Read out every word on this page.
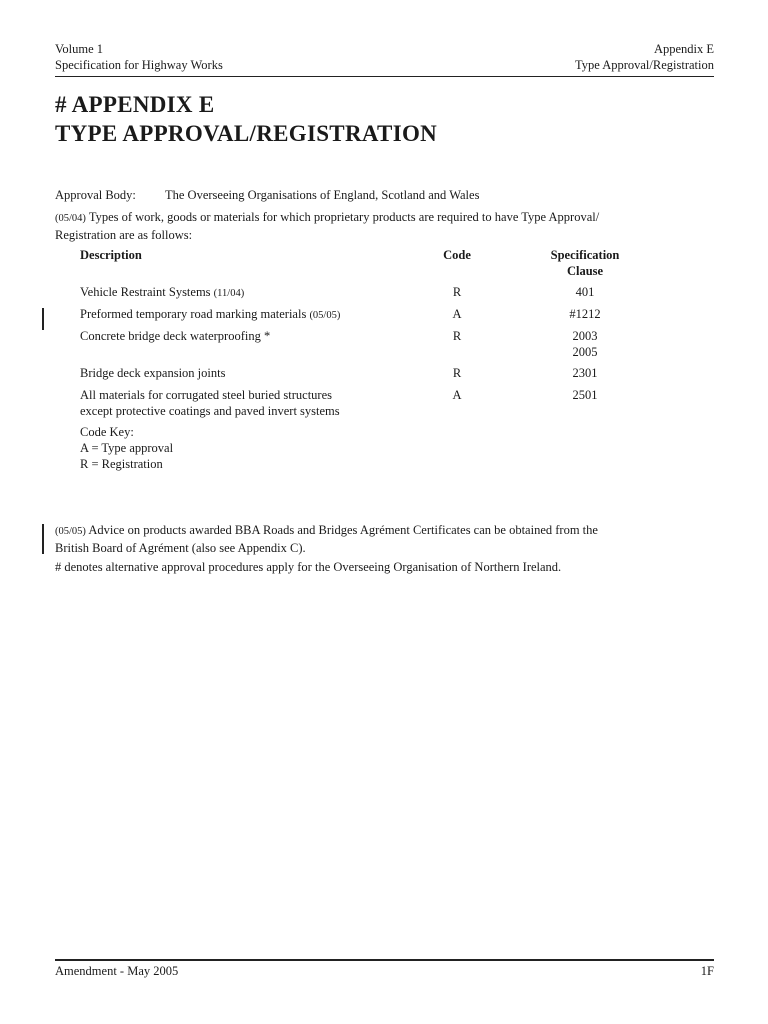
Volume 1
Specification for Highway Works
Appendix E
Type Approval/Registration
# APPENDIX E
TYPE APPROVAL/REGISTRATION
Approval Body: The Overseeing Organisations of England, Scotland and Wales
(05/04) Types of work, goods or materials for which proprietary products are required to have Type Approval/
Registration are as follows:
Description	Code	Specification
Clause
Vehicle Restraint Systems (11/04)	R	401
Preformed temporary road marking materials (05/05)	A	#1212
Concrete bridge deck waterproofing *	R	2003
2005
Bridge deck expansion joints	R	2301
All materials for corrugated steel buried structures
except protective coatings and paved invert systems
A	2501
Code Key:
A = Type approval
R = Registration
(05/05) Advice on products awarded BBA Roads and Bridges Agrément Certificates can be obtained from the
British Board of Agrément (also see Appendix C).
# denotes alternative approval procedures apply for the Overseeing Organisation of Northern Ireland.
Amendment - May 2005	1F
